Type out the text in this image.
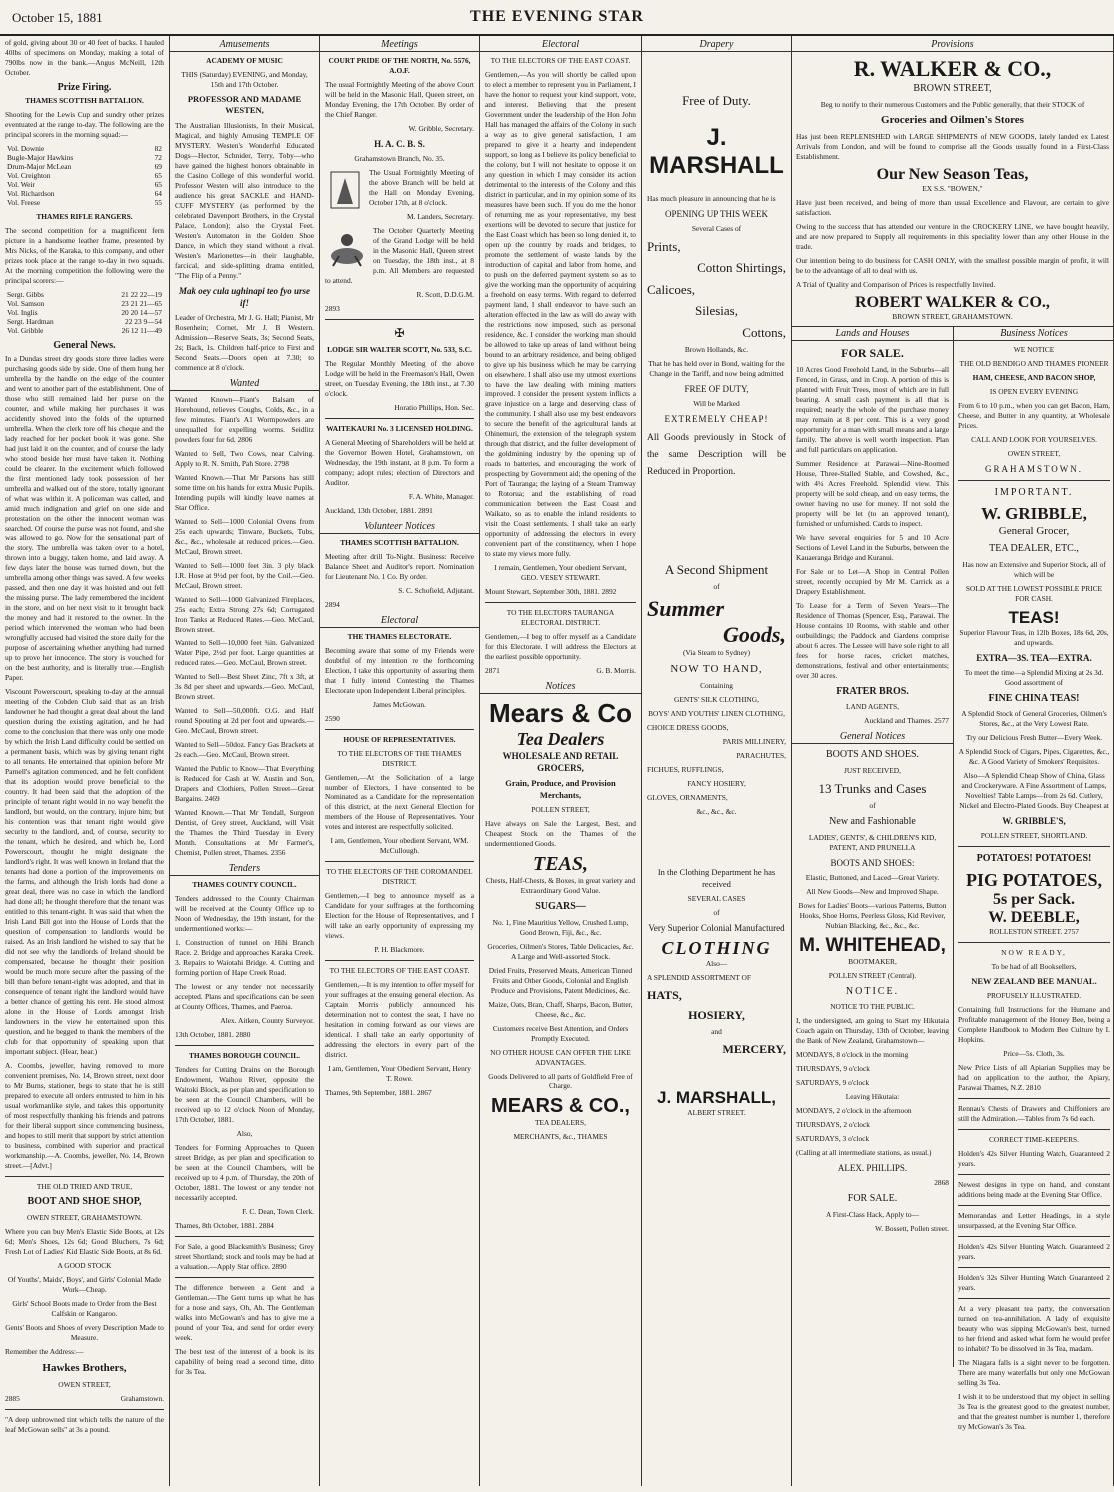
October 15, 1881	THE EVENING STAR

of gold, giving about 30 or 40 feet of backs. I hauled 40lbs of specimens on Monday, making a total of 790lbs now in the bank.—Angus McNeill, 12th October.

Prize Firing.

THAMES SCOTTISH BATTALION.

Shooting for the Lewis Cup and sundry other prizes eventuated at the range to-day. The following are the principal scorers in the morning squad:—

Vol. Downie	82
Bugle-Major Hawkins	72
Drum-Major McLean	69
Vol. Creighton	65
Vol. Weir	65
Vol. Richardson	64
Vol. Freese	55

THAMES RIFLE RANGERS.

The second competition for a magnificent fern picture in a handsome leather frame, presented by Mrs Nicks, of the Karaka, to this company, and other prizes took place at the range to-day in two squads. At the morning competition the following were the principal scorers:—

Sergt. Gibbs	21 22 22—19
Vol. Samson	23 21 21—65
Vol. Inglis	20 20 14—57
Sergt. Hardman	22 23 9—54
Vol. Gribble	26 12 11—49
General News.

In a Dundas street dry goods store three ladies were purchasing goods side by side. One of them hung her umbrella by the handle on the edge of the counter and went to another part of the establishment. One of those who still remained laid her purse on the counter, and while making her purchases it was accidently shoved into the folds of the upturned umbrella. When the clerk tore off his cheque and the lady reached for her pocket book it was gone. She had just laid it on the counter, and of course the lady who stood beside her must have taken it. Nothing could be clearer. In the excitement which followed the first mentioned lady took possession of her umbrella and walked out of the store, totally ignorant of what was within it. A policeman was called, and amid much indignation and grief on one side and protestation on the other the innocent woman was searched. Of course the purse was not found, and she was allowed to go. Now for the sensational part of the story. The umbrella was taken over to a hotel, thrown into a buggy, taken home, and laid away. A few days later the house was turned down, but the umbrella among other things was saved. A few weeks passed, and then one day it was hoisted and out fell the missing purse. The lady remembered the incident in the store, and on her next visit to it brought back the money and had it restored to the owner. In the period which intervened the woman who had been wrongfully accused had visited the store daily for the purpose of ascertaining whether anything had turned up to prove her innocence. The story is vouched for on the best authority, and is literally true.—English Paper.

Viscount Powerscourt, speaking to-day at the annual meeting of the Cobden Club said that as an Irish landowner he had thought a great deal about the land question during the existing agitation, and he had come to the conclusion that there was only one mode by which the Irish Land difficulty could be settled on a permanent basis, which was by giving tenant right to all tenants. He entertained that opinion before Mr Parnell's agitation commenced, and he felt confident that its adoption would prove beneficial to the country. It had been said that the adoption of the principle of tenant right would in no way benefit the landlord, but would, on the contrary, injure him; but his contention was that tenant right would give security to the landlord, and, of course, security to the tenant, which he desired, and which he, Lord Powerscourt, thought he might designate the landlord's right. It was well known in Ireland that the tenants had done a portion of the improvements on the farms, and although the Irish lords had done a great deal, there was no case in which the landlord had done all; he thought therefore that the tenant was entitled to this tenant-right. It was said that when the Irish Land Bill got into the House of Lords that the question of compensation to landlords would be raised. As an Irish landlord he wished to say that he did not see why the landlords of Ireland should be compensated, because he thought their position would be much more secure after the passing of the bill than before tenant-right was adopted, and that in consequence of tenant right the landlord would have a better chance of getting his rent. He stood almost alone in the House of Lords amongst Irish landowners in the view he entertained upon this question, and he begged to thank the members of the club for that opportunity of speaking upon that important subject. (Hear, hear.)

A. Coombs, jeweller, having removed to more convenient premises, No. 14, Brown street, next door to Mr Burns, stationer, begs to state that he is still prepared to execute all orders entrusted to him in his usual workmanlike style, and takes this opportunity of most respectfully thanking his friends and patrons for their liberal support since commencing business, and hopes to still merit that support by strict attention to business, combined with superior and practical workmanship.—A. Coombs, jeweller, No. 14, Brown street.—[Advt.]

THE OLD TRIED AND TRUE,

BOOT AND SHOE SHOP,

OWEN STREET, GRAHAMSTOWN.

Where you can buy Men's Elastic Side Boots, at 12s 6d; Men's Shoes, 12s 6d; Good Bluchers, 7s 6d; Fresh Lot of Ladies' Kid Elastic Side Boots, at 8s 6d.

A GOOD STOCK

Of Youths', Maids', Boys', and Girls' Colonial Made Work—Cheap.

Girls' School Boots made to Order from the Best Calfskin or Kangaroo.

Gents' Boots and Shoes of every Description Made to Measure.

Remember the Address:—

Hawkes Brothers,

OWEN STREET,

2885	Grahamstown.

"A deep unbrowned tint which tells the nature of the leaf McGowan sells" at 3s a pound.

Amusements

ACADEMY OF MUSIC

THIS (Saturday) EVENING, and Monday, 15th and 17th October.

PROFESSOR AND MADAME WESTEN,

The Australian Illusionists, In their Musical, Magical, and highly Amusing TEMPLE OF MYSTERY. Westen's Wonderful Educated Dogs—Hector, Schnider, Terry, Toby—who have gained the highest honors obtainable in the Casino College of this wonderful world. Professor Westen will also introduce to the audience his great SACKLE and HAND-CUFF MYSTERY (as performed by the celebrated Davenport Brothers, in the Crystal Palace, London); also the Crystal Feet. Westen's Automaton in the Golden Shoe Dance, in which they stand without a rival. Westen's Marionettes—in their laughable, farcical, and side-splitting drama entitled, "The Flip of a Penny."

Mak oey cula ughinapi teo fyo urse if!

Leader of Orchestra, Mr J. G. Hall; Pianist, Mr Rosenhein; Cornet, Mr J. B Western. Admission—Reserve Seats, 3s; Second Seats, 2s; Back, 1s. Children half-price to First and Second Seats.—Doors open at 7.30; to commence at 8 o'clock.

Wanted

Wanted Known—Fiant's Balsam of Horehound, relieves Coughs, Colds, &c., in a few minutes. Fiant's A1 Wormpowders are unequalled for expelling worms. Seidlitz powders four for 6d. 2806

Wanted to Sell, Two Cows, near Calving. Apply to R. N. Smith, Pah Store. 2798

Wanted Known.—That Mr Parsons has still some time on his hands for extra Music Pupils. Intending pupils will kindly leave names at Star Office.

Wanted to Sell—1000 Colonial Ovens from 25s each upwards; Tinware, Buckets, Tubs, &c., &c., wholesale at reduced prices.—Geo. McCaul, Brown street.

Wanted to Sell—1000 feet 3in. 3 ply black I.R. Hose at 9½d per foot, by the Coil.—Geo. McCaul, Brown street.

Wanted to Sell—1000 Galvanized Fireplaces, 25s each; Extra Strong 27s 6d; Corrugated Iron Tanks at Reduced Rates.—Geo. McCaul, Brown street.

Wanted to Sell—10,000 feet ¾in. Galvanized Water Pipe, 2½d per foot. Large quantities at reduced rates.—Geo. McCaul, Brown street.

Wanted to Sell—Best Sheet Zinc, 7ft x 3ft, at 3s 8d per sheet and upwards.—Geo. McCaul, Brown street.

Wanted to Sell—50,000ft. O.G. and Half round Spouting at 2d per foot and upwards.—Geo. McCaul, Brown street.

Wanted to Sell—50doz. Fancy Gas Brackets at 2s each.—Geo. McCaul, Brown street.

Wanted the Public to Know—That Everything is Reduced for Cash at W. Austin and Son, Drapers and Clothiers, Pollen Street—Great Bargains. 2469

Wanted Known.—That Mr Tendall, Surgeon Dentist, of Grey street, Auckland, will Visit the Thames the Third Tuesday in Every Month. Consultations at Mr Farmer's, Chemist, Pollen street, Thames. 2356

Tenders

THAMES COUNTY COUNCIL.

Tenders addressed to the County Chairman will be received at the County Office up to Noon of Wednesday, the 19th instant, for the undermentioned works:—

1. Construction of tunnel on Hihi Branch Race. 2. Bridge and approaches Karaka Creek. 3. Repairs to Waiotahi Bridge. 4. Cutting and forming portion of Hape Creek Road.

The lowest or any tender not necessarily accepted. Plans and specifications can be seen at County Offices, Thames, and Paeroa.

Alex. Aitken, County Surveyor.

13th October, 1881. 2880

THAMES BOROUGH COUNCIL.

Tenders for Cutting Drains on the Borough Endowment, Waihou River, opposite the Waitoki Block, as per plan and specification to be seen at the Council Chambers, will be received up to 12 o'clock Noon of Monday, 17th October, 1881.

Also,

Tenders for Forming Approaches to Queen street Bridge, as per plan and specification to be seen at the Council Chambers, will be received up to 4 p.m. of Thursday, the 20th of October, 1881. The lowest or any tender not necessarily accepted.

F. C. Dean, Town Clerk.

Thames, 8th October, 1881. 2884

For Sale, a good Blacksmith's Business; Grey street Shortland; stock and tools may be had at a valuation.—Apply Star office. 2890

The difference between a Gent and a Gentleman.—The Gent turns up what he has for a nose and says, Oh, Ah. The Gentleman walks into McGowan's and has to give me a pound of your Tea, and send for order every week.

The best test of the interest of a book is its capability of being read a second time, ditto for 3s Tea.

Meetings

COURT PRIDE OF THE NORTH, No. 5576, A.O.F.

The usual Fortnightly Meeting of the above Court will be held in the Masonic Hall, Queen street, on Monday Evening, the 17th October. By order of the Chief Ranger.

W. Gribble, Secretary.

H. A. C. B. S.

Grahamstown Branch, No. 35.

The Usual Fortnightly Meeting of the above Branch will be held at the Hall on Monday Evening, October 17th, at 8 o'clock.

M. Landers, Secretary.

The October Quarterly Meeting of the Grand Lodge will be held in the Masonic Hall, Queen street on Tuesday, the 18th inst., at 8 p.m. All Members are requested to attend.

R. Scott, D.D.G.M.

2893

✠

LODGE SIR WALTER SCOTT, No. 533, S.C.

The Regular Monthly Meeting of the above Lodge will be held in the Freemason's Hall, Owen street, on Tuesday Evening, the 18th inst., at 7.30 o'clock.

Horatio Phillips, Hon. Sec.

WAITEKAURI No. 3 LICENSED HOLDING.

A General Meeting of Shareholders will be held at the Governor Bowen Hotel, Grahamstown, on Wednesday, the 19th instant, at 8 p.m. To form a company; adopt rules; election of Directors and Auditor.

F. A. White, Manager.

Auckland, 13th October, 1881. 2891

Volunteer Notices

THAMES SCOTTISH BATTALION.

Meeting after drill To-Night. Business: Receive Balance Sheet and Auditor's report. Nomination for Lieutenant No. 1 Co. By order.

S. C. Schofield, Adjutant.

2894

Electoral

THE THAMES ELECTORATE.

Becoming aware that some of my Friends were doubtful of my intention re the forthcoming Election, I take this opportunity of assuring them that I fully intend Contesting the Thames Electorate upon Independent Liberal principles.

James McGowan.

2590

HOUSE OF REPRESENTATIVES.

TO THE ELECTORS OF THE THAMES DISTRICT.

Gentlemen,—At the Solicitation of a large number of Electors, I have consented to be Nominated as a Candidate for the representation of this district, at the next General Election for members of the House of Representatives. Your votes and interest are respectfully solicited.

I am, Gentlemen, Your obedient Servant, WM. McCullough.

TO THE ELECTORS OF THE COROMANDEL DISTRICT.

Gentlemen,—I beg to announce myself as a Candidate for your suffrages at the forthcoming Election for the House of Representatives, and I will take an early opportunity of expressing my views.

P. H. Blackmore.

TO THE ELECTORS OF THE EAST COAST.

Gentlemen,—It is my intention to offer myself for your suffrages at the ensuing general election. As Captain Morris publicly announced his determination not to contest the seat, I have no hesitation in coming forward as our views are identical. I shall take an early opportunity of addressing the electors in every part of the district.

I am, Gentlemen, Your Obedient Servant, Henry T. Rowe.

Thames, 9th September, 1881. 2867

Electoral

TO THE ELECTORS OF THE EAST COAST.

Gentlemen,—As you will shortly be called upon to elect a member to represent you in Parliament, I have the honor to request your kind support, vote, and interest. Believing that the present Government under the leadership of the Hon John Hall has managed the affairs of the Colony in such a way as to give general satisfaction, I am prepared to give it a hearty and independent support, so long as I believe its policy beneficial to the colony, but I will not hesitate to oppose it on any question in which I may consider its action detrimental to the interests of the Colony and this district in particular, and in my opinion some of its measures have been such. If you do me the honor of returning me as your representative, my best exertions will be devoted to secure that justice for the East Coast which has been so long denied it, to open up the country by roads and bridges, to promote the settlement of waste lands by the introduction of capital and labor from home, and to push on the deferred payment system so as to give the working man the opportunity of acquiring a freehold on easy terms. With regard to deferred payment land, I shall endeavor to have such an alteration effected in the law as will do away with the restrictions now imposed, such as personal residence, &c. I consider the working man should be allowed to take up areas of land without being bound to an arbitrary residence, and being obliged to give up his business which he may be carrying on elsewhere. I shall also use my utmost exertions to have the law dealing with mining matters improved. I consider the present system inflicts a grave injustice on a large and deserving class of the community. I shall also use my best endeavors to secure the benefit of the agricultural lands at Ohinemuri, the extension of the telegraph system through that district, and the fuller development of the goldmining industry by the opening up of roads to batteries, and encouraging the work of prospecting by Government aid; the opening of the Port of Tauranga; the laying of a Steam Tramway to Rotorua; and the establishing of road communication between the East Coast and Waikato, so as to enable the inland residents to visit the Coast settlements. I shall take an early opportunity of addressing the electors in every convenient part of the constituency, when I hope to state my views more fully.

I remain, Gentlemen, Your obedient Servant, GEO. VESEY STEWART.

Mount Stewart, September 30th, 1881. 2892

TO THE ELECTORS TAURANGA ELECTORAL DISTRICT.

Gentlemen,—I beg to offer myself as a Candidate for this Electorate. I will address the Electors at the earliest possible opportunity.

2871	G. B. Morris.

Notices
Mears & Co
Tea Dealers

WHOLESALE AND RETAIL GROCERS,

Grain, Produce, and Provision Merchants,

POLLEN STREET,

Have always on Sale the Largest, Best, and Cheapest Stock on the Thames of the undermentioned Goods.

TEAS,

Chests, Half-Chests, & Boxes, in great variety and Extraordinary Good Value.

SUGARS—

No. 1, Fine Mauritius Yellow, Crushed Lump, Good Brown, Fiji, &c., &c.

Groceries, Oilmen's Stores, Table Delicacies, &c. A Large and Well-assorted Stock.

Dried Fruits, Preserved Meats, American Tinned Fruits and Other Goods, Colonial and English Produce and Provisions, Patent Medicines, &c.

Maize, Oats, Bran, Chaff, Sharps, Bacon, Butter, Cheese, &c., &c.

Customers receive Best Attention, and Orders Promptly Executed.

NO OTHER HOUSE CAN OFFER THE LIKE ADVANTAGES.

Goods Delivered to all parts of Goldfield Free of Charge.

MEARS & CO.,

TEA DEALERS,

MERCHANTS, &c., THAMES

Drapery

Free of Duty.

J. MARSHALL

Has much pleasure in announcing that he is

OPENING UP THIS WEEK

Several Cases of

Prints,

Cotton Shirtings,

Calicoes,

Silesias,

Cottons,

Brown Hollands, &c.

That he has held over in Bond, waiting for the Change in the Tariff, and now being admitted

FREE OF DUTY,

Will be Marked

EXTREMELY CHEAP!

All Goods previously in Stock of the same Description will be Reduced in Proportion.

A Second Shipment

of

Summer
Goods,

(Via Steam to Sydney)

NOW TO HAND,

Containing

GENTS' SILK CLOTHING,

BOYS' AND YOUTHS' LINEN CLOTHING,

CHOICE DRESS GOODS,

PARIS MILLINERY,

PARACHUTES,

FICHUES, RUFFLINGS,

FANCY HOSIERY,

GLOVES, ORNAMENTS,

&c., &c., &c.

In the Clothing Department he has received

SEVERAL CASES

of

Very Superior Colonial Manufactured

CLOTHING

Also—

A SPLENDID ASSORTMENT OF

HATS,

HOSIERY,

and

MERCERY,

J. MARSHALL,

ALBERT STREET.

Provisions
R. WALKER & CO.,

BROWN STREET,

Beg to notify to their numerous Customers and the Public generally, that their STOCK of

Groceries and Oilmen's Stores

Has just been REPLENISHED with LARGE SHIPMENTS of NEW GOODS, lately landed ex Latest Arrivals from London, and will be found to comprise all the Goods usually found in a First-Class Establishment.

Our New Season Teas,

EX S.S. "BOWEN,"

Have just been received, and being of more than usual Excellence and Flavour, are certain to give satisfaction.

Owing to the success that has attended our venture in the CROCKERY LINE, we have bought heavily, and are now prepared to Supply all requirements in this speciality lower than any other House in the trade.

Our intention being to do business for CASH ONLY, with the smallest possible margin of profit, it will be to the advantage of all to deal with us.

A Trial of Quality and Comparison of Prices is respectfully Invited.

ROBERT WALKER & CO.,

BROWN STREET, GRAHAMSTOWN.

Lands and Houses

FOR SALE.

10 Acres Good Freehold Land, in the Suburbs—all Fenced, in Grass, and in Crop. A portion of this is planted with Fruit Trees, most of which are in full bearing. A small cash payment is all that is required; nearly the whole of the purchase money may remain at 8 per cent. This is a very good opportunity for a man with small means and a large family. The above is well worth inspection. Plan and full particulars on application.

Summer Residence at Parawai—Nine-Roomed House, Three-Stalled Stable, and Cowshed, &c., with 4¼ Acres Freehold. Splendid view. This property will be sold cheap, and on easy terms, the owner having no use for money. If not sold the property will be let (to an approved tenant), furnished or unfurnished. Cards to inspect.

We have several enquiries for 5 and 10 Acre Sections of Level Land in the Suburbs, between the Kauaeranga Bridge and Kuranui.

For Sale or to Let—A Shop in Central Pollen street, recently occupied by Mr M. Carrick as a Drapery Establishment.

To Lease for a Term of Seven Years—The Residence of Thomas (Spencer, Esq., Parawai. The House contains 10 Rooms, with stable and other outbuildings; the Paddock and Gardens comprise about 6 acres. The Lessee will have sole right to all fees for horse races, cricket matches, demonstrations, festival and other entertainments; over 30 acres.

FRATER BROS.

LAND AGENTS,

Auckland and Thames. 2577

General Notices

BOOTS AND SHOES.

JUST RECEIVED,

13 Trunks and Cases

of

New and Fashionable

LADIES', GENTS', & CHILDREN'S KID, PATENT, AND PRUNELLA

BOOTS AND SHOES:

Elastic, Buttoned, and Laced—Great Variety.

All New Goods—New and Improved Shape.

Bows for Ladies' Boots—various Patterns, Button Hooks, Shoe Horns, Peerless Gloss, Kid Reviver, Nubian Blacking, &c., &c., &c.

M. WHITEHEAD,

BOOTMAKER,

POLLEN STREET (Central).

NOTICE.

NOTICE TO THE PUBLIC.

I, the undersigned, am going to Start my Hikutaia Coach again on Thursday, 13th of October, leaving the Bank of New Zealand, Grahamstown—

MONDAYS, 8 o'clock in the morning

THURSDAYS, 9 o'clock

SATURDAYS, 9 o'clock

Leaving Hikutaia:

MONDAYS, 2 o'clock in the afternoon

THURSDAYS, 2 o'clock

SATURDAYS, 3 o'clock

(Calling at all intermediate stations, as usual.)

ALEX. PHILLIPS.

2868

FOR SALE.

A First-Class Hack, Apply to—

W. Bossett, Pollen street.

Business Notices

WE NOTICE

THE OLD BENDIGO AND THAMES PIONEER

HAM, CHEESE, AND BACON SHOP,

IS OPEN EVERY EVENING

From 6 to 10 p.m., when you can get Bacon, Ham, Cheese, and Butter in any quantity, at Wholesale Prices.

CALL AND LOOK FOR YOURSELVES.

OWEN STREET,

GRAHAMSTOWN.

IMPORTANT.

W. GRIBBLE,

General Grocer,

TEA DEALER, ETC.,

Has now an Extensive and Superior Stock, all of which will be

SOLD AT THE LOWEST POSSIBLE PRICE FOR CASH.

TEAS!

Superior Flavour Teas, in 12lb Boxes, 18s 6d, 20s, and upwards.

EXTRA—3S. TEA—EXTRA.

To meet the time—a Splendid Mixing at 2s 3d. Good assortment of

FINE CHINA TEAS!

A Splendid Stock of General Groceries, Oilmen's Stores, &c., at the Very Lowest Rate.

Try our Delicious Fresh Butter—Every Week.

A Splendid Stock of Cigars, Pipes, Cigarettes, &c., &c. A Good Variety of Smokers' Requisites.

Also—A Splendid Cheap Show of China, Glass and Crockeryware. A Fine Assortment of Lamps, Novelties! Table Lamps—from 2s 6d. Cutlery, Nickel and Electro-Plated Goods. Buy Cheapest at

W. GRIBBLE'S,

POLLEN STREET, SHORTLAND.

POTATOES! POTATOES!

PIG POTATOES,
5s per Sack.
W. DEEBLE,

ROLLESTON STREET. 2757

NOW READY,

To be had of all Booksellers,

NEW ZEALAND BEE MANUAL.

PROFUSELY ILLUSTRATED.

Containing full Instructions for the Humane and Profitable management of the Honey Bee, being a Complete Handbook to Modern Bee Culture by I. Hopkins.

Price—5s. Cloth, 3s.

New Price Lists of all Apiarian Supplies may be had on application to the author, the Apiary, Parawai Thames, N.Z. 2810

Rennau's Chests of Drawers and Chiffoniers are still the Admiration.—Tables from 7s 6d each.

CORRECT TIME-KEEPERS.

Holden's 42s Silver Hunting Watch, Guaranteed 2 years.

Newest designs in type on hand, and constant additions being made at the Evening Star Office.

Memorandas and Letter Headings, in a style unsurpassed, at the Evening Star Office.

Holden's 42s Silver Hunting Watch. Guaranteed 2 years.

Holden's 32s Silver Hunting Watch Guaranteed 2 years.

At a very pleasant tea party, the conversation turned on tea-annihilation. A lady of exquisite beauty who was sipping McGowan's best, turned to her friend and asked what form he would prefer to inhabit? To be dissolved in 3s Tea, madam.

The Niagara falls is a sight never to be forgotten. There are many waterfalls but only one McGowan selling 3s Tea.

I wish it to be understood that my object in selling 3s Tea is the greatest good to the greatest number, and that the greatest number is number 1, therefore try McGowan's 3s Tea.
